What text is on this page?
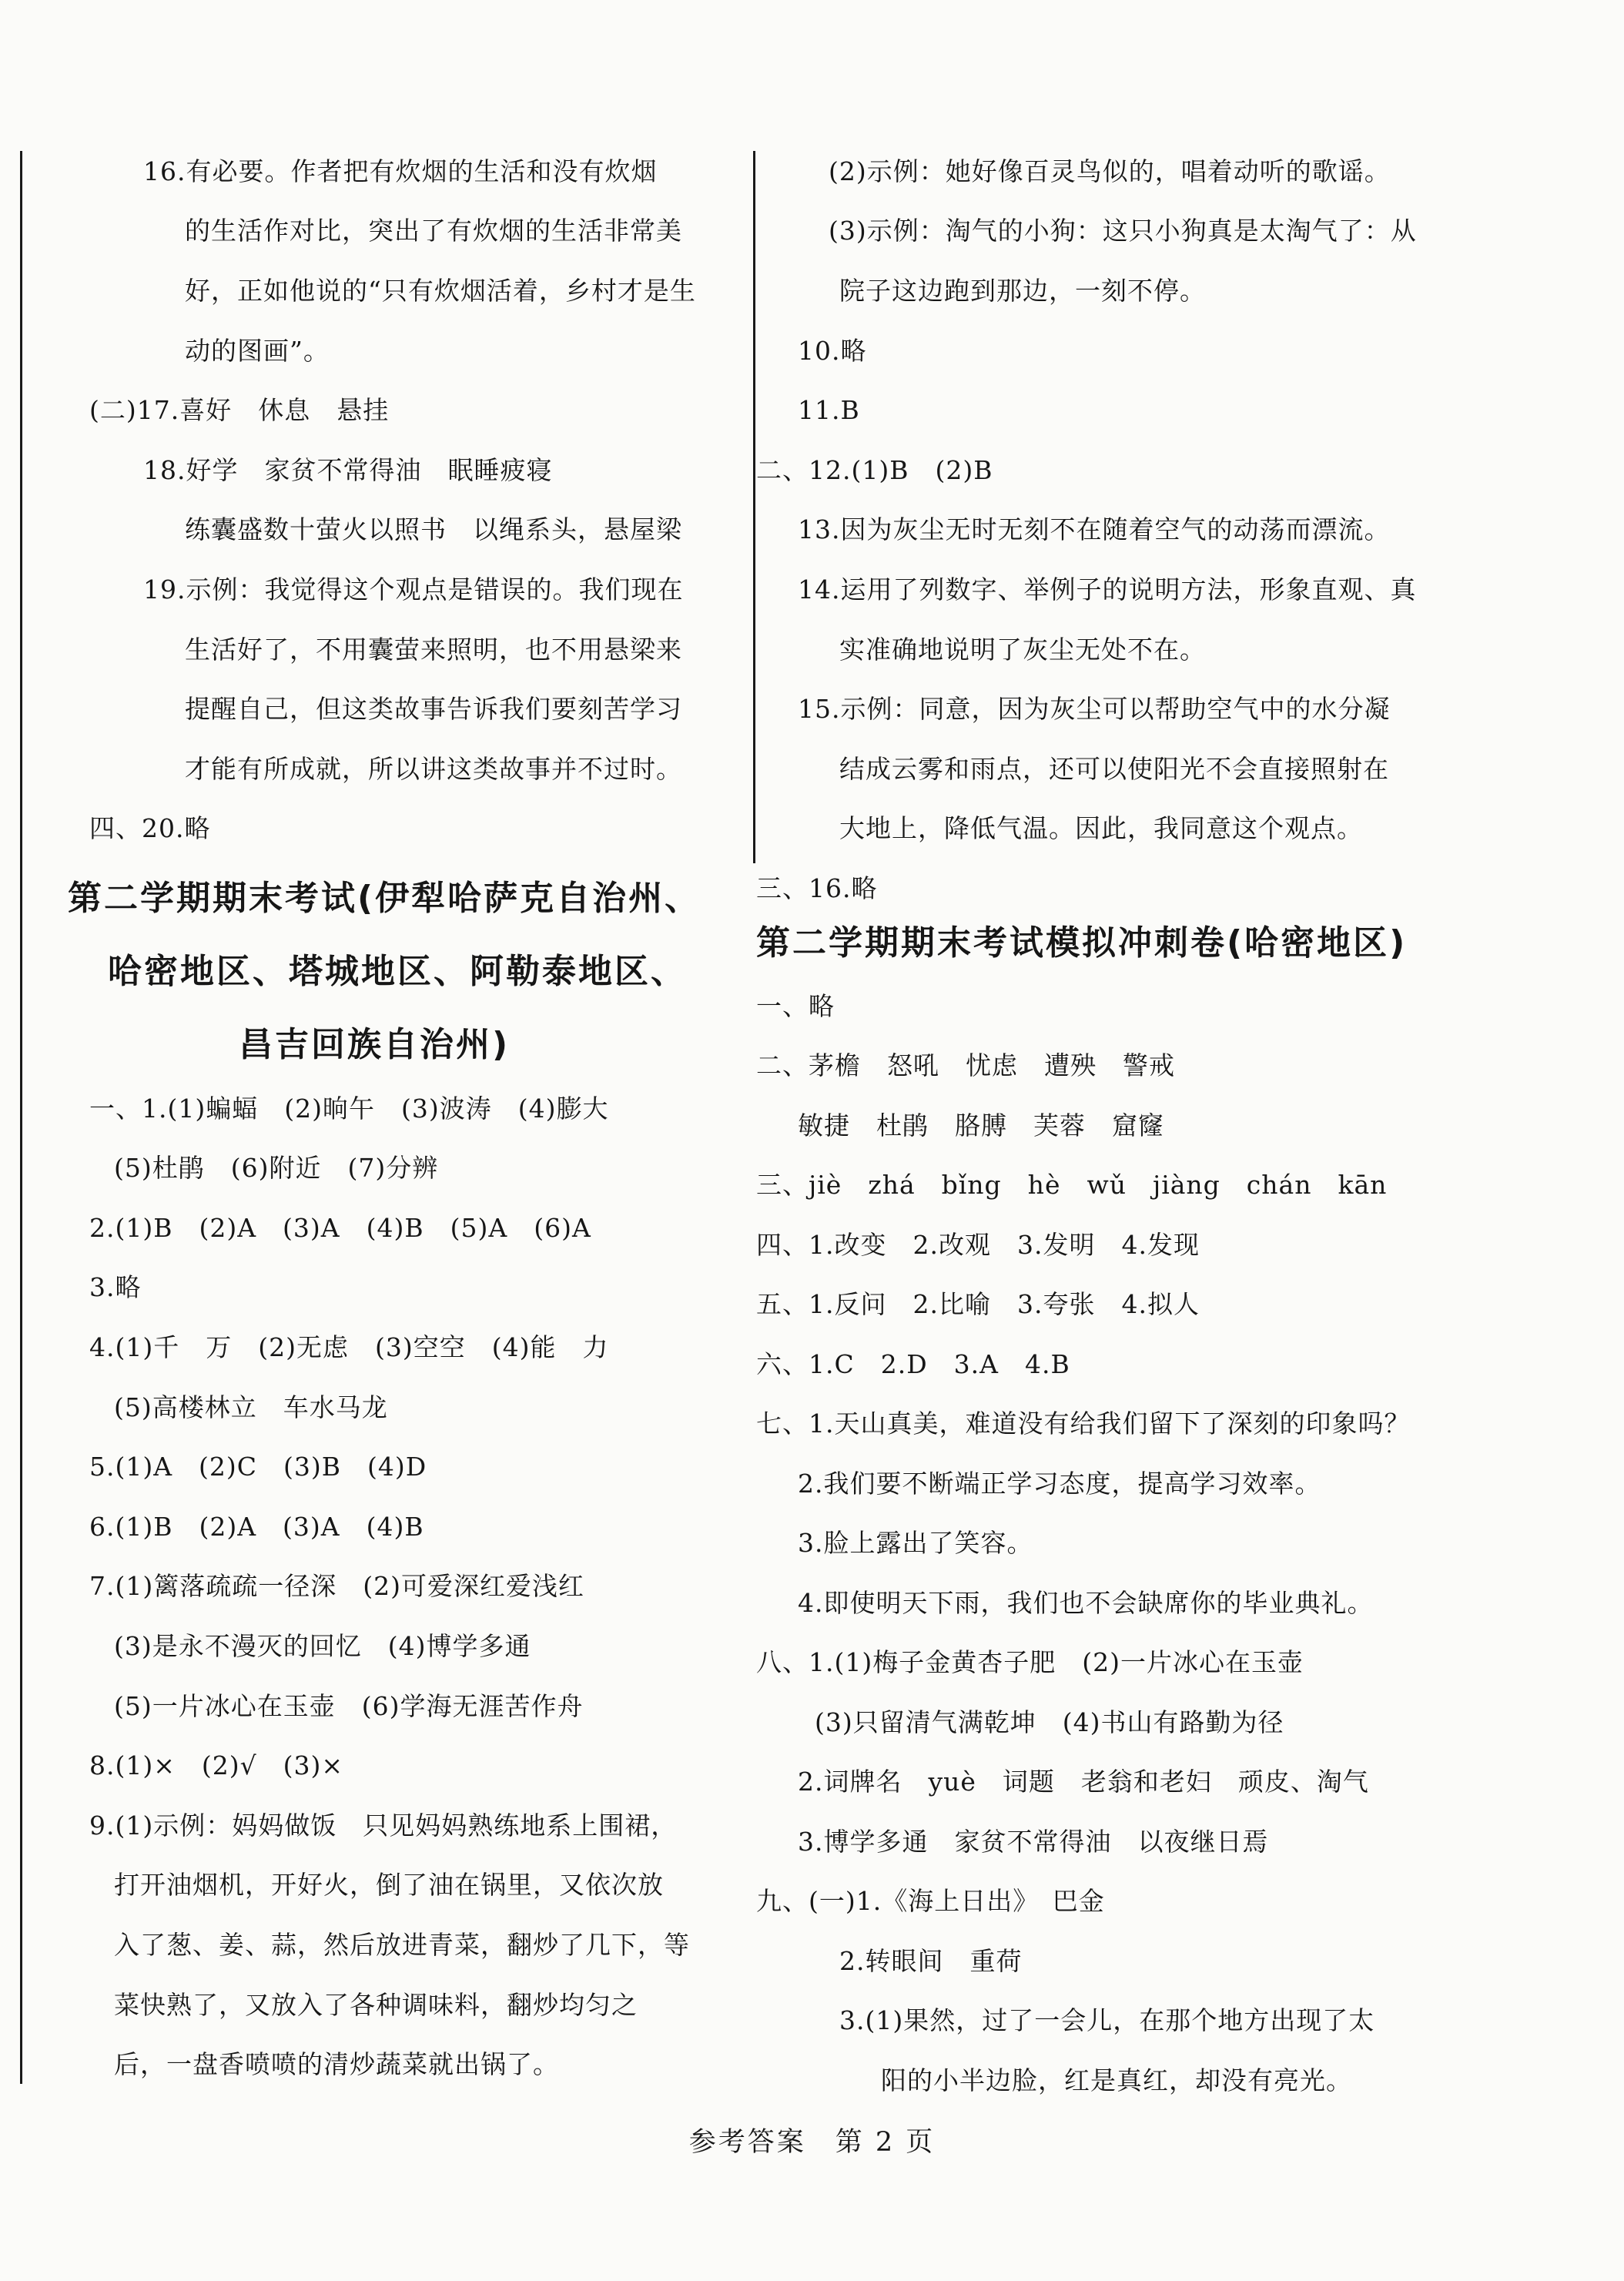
16.有必要。作者把有炊烟的生活和没有炊烟
的生活作对比，突出了有炊烟的生活非常美
好，正如他说的“只有炊烟活着，乡村才是生
动的图画”。
(二)17.喜好　休息　悬挂
18.好学　家贫不常得油　眠睡疲寝
练囊盛数十萤火以照书　以绳系头，悬屋梁
19.示例：我觉得这个观点是错误的。我们现在
生活好了，不用囊萤来照明，也不用悬梁来
提醒自己，但这类故事告诉我们要刻苦学习
才能有所成就，所以讲这类故事并不过时。
四、20.略
第二学期期末考试(伊犁哈萨克自治州、
哈密地区、塔城地区、阿勒泰地区、
昌吉回族自治州)
一、1.(1)蝙蝠　(2)晌午　(3)波涛　(4)膨大
(5)杜鹃　(6)附近　(7)分辨
2.(1)B　(2)A　(3)A　(4)B　(5)A　(6)A
3.略
4.(1)千　万　(2)无虑　(3)空空　(4)能　力
(5)高楼林立　车水马龙
5.(1)A　(2)C　(3)B　(4)D
6.(1)B　(2)A　(3)A　(4)B
7.(1)篱落疏疏一径深　(2)可爱深红爱浅红
(3)是永不漫灭的回忆　(4)博学多通
(5)一片冰心在玉壶　(6)学海无涯苦作舟
8.(1)×　(2)√　(3)×
9.(1)示例：妈妈做饭　只见妈妈熟练地系上围裙，
打开油烟机，开好火，倒了油在锅里，又依次放
入了葱、姜、蒜，然后放进青菜，翻炒了几下，等
菜快熟了，又放入了各种调味料，翻炒均匀之
后，一盘香喷喷的清炒蔬菜就出锅了。
(2)示例：她好像百灵鸟似的，唱着动听的歌谣。
(3)示例：淘气的小狗：这只小狗真是太淘气了：从
院子这边跑到那边，一刻不停。
10.略
11.B
二、12.(1)B　(2)B
13.因为灰尘无时无刻不在随着空气的动荡而漂流。
14.运用了列数字、举例子的说明方法，形象直观、真
实准确地说明了灰尘无处不在。
15.示例：同意，因为灰尘可以帮助空气中的水分凝
结成云雾和雨点，还可以使阳光不会直接照射在
大地上，降低气温。因此，我同意这个观点。
三、16.略
第二学期期末考试模拟冲刺卷(哈密地区)
一、略
二、茅檐　怒吼　忧虑　遭殃　警戒
敏捷　杜鹃　胳膊　芙蓉　窟窿
三、jiè　zhá　bǐng　hè　wǔ　jiàng　chán　kān
四、1.改变　2.改观　3.发明　4.发现
五、1.反问　2.比喻　3.夸张　4.拟人
六、1.C　2.D　3.A　4.B
七、1.天山真美，难道没有给我们留下了深刻的印象吗？
2.我们要不断端正学习态度，提高学习效率。
3.脸上露出了笑容。
4.即使明天下雨，我们也不会缺席你的毕业典礼。
八、1.(1)梅子金黄杏子肥　(2)一片冰心在玉壶
(3)只留清气满乾坤　(4)书山有路勤为径
2.词牌名　yuè　词题　老翁和老妇　顽皮、淘气
3.博学多通　家贫不常得油　以夜继日焉
九、(一)1.《海上日出》　巴金
2.转眼间　重荷
3.(1)果然，过了一会儿，在那个地方出现了太
阳的小半边脸，红是真红，却没有亮光。
参考答案　第 2 页
